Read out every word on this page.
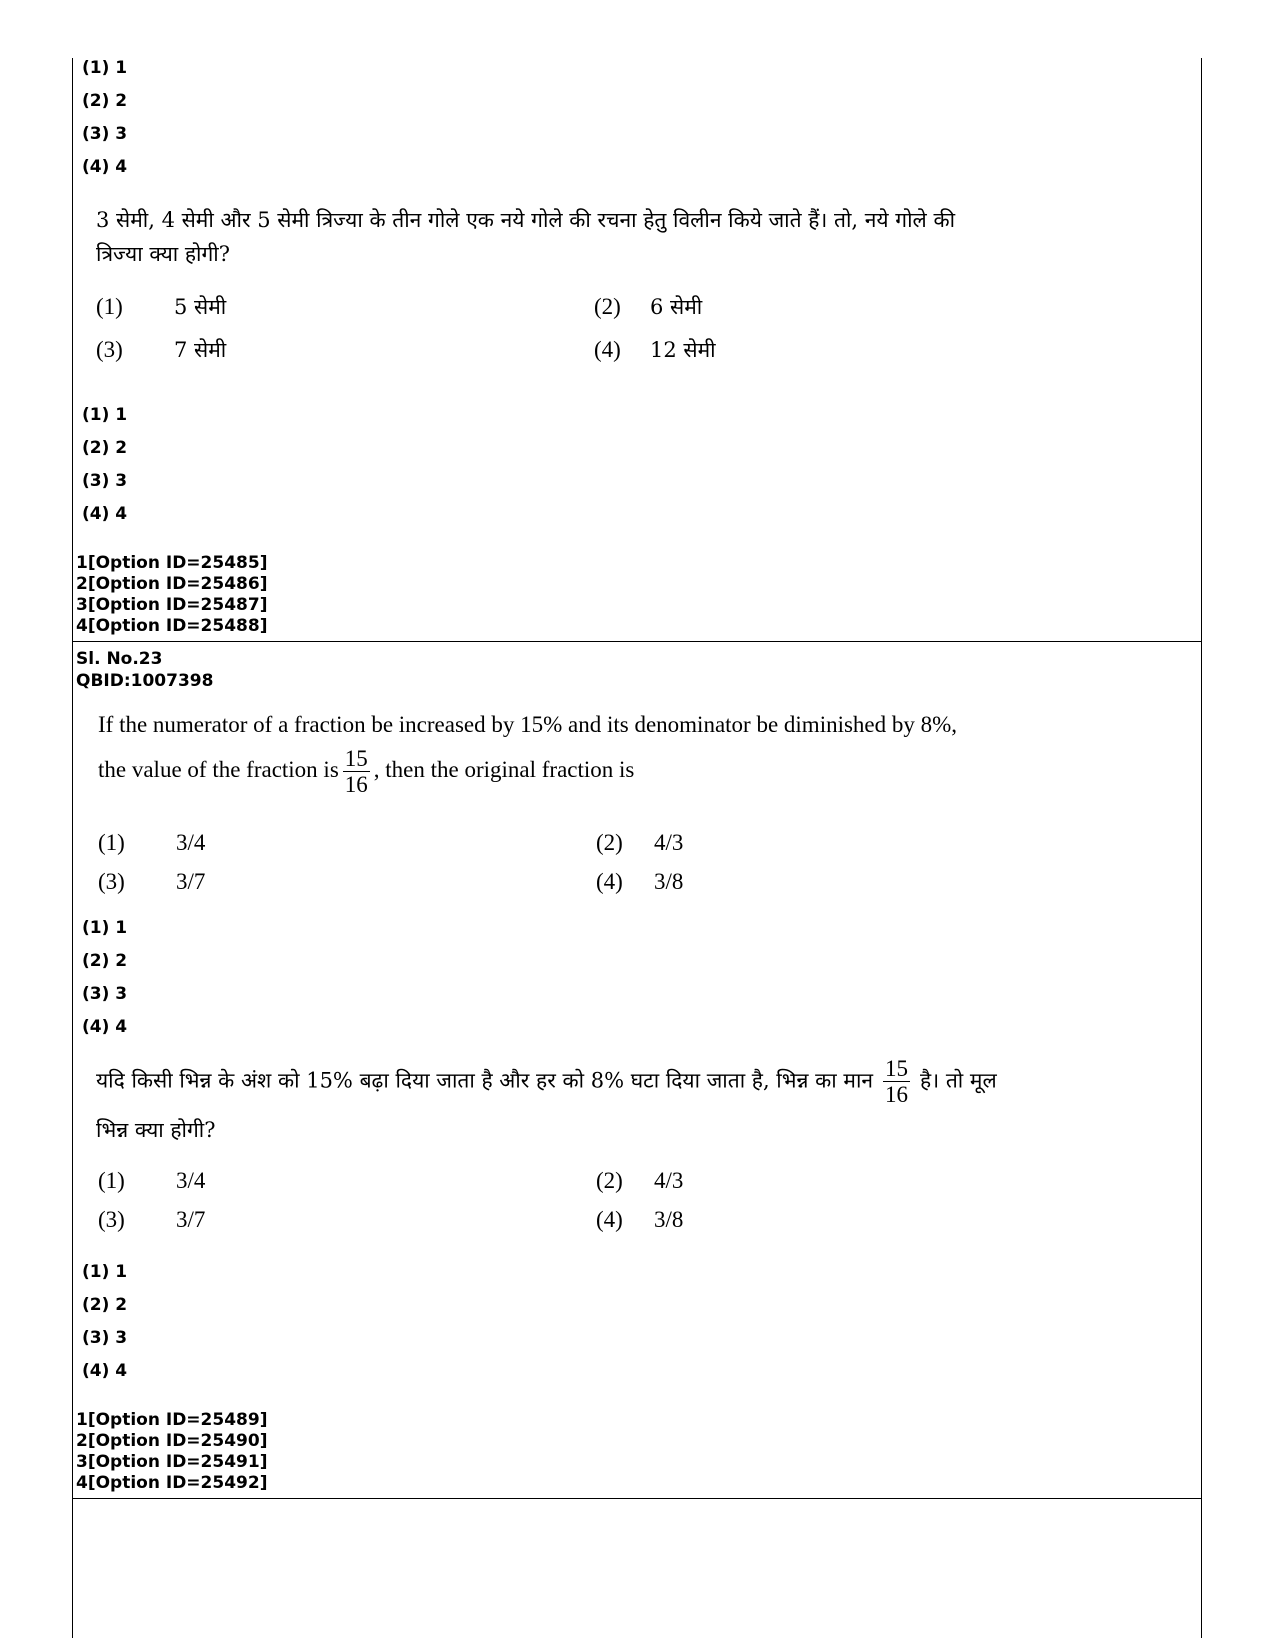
(1) 1
(2) 2
(3) 3
(4) 4
3 सेमी, 4 सेमी और 5 सेमी त्रिज्या के तीन गोले एक नये गोले की रचना हेतु विलीन किये जाते हैं। तो, नये गोले की
त्रिज्या क्या होगी?
(1) 5 सेमी	(2) 6 सेमी
(3) 7 सेमी	(4) 12 सेमी
(1) 1
(2) 2
(3) 3
(4) 4
1[Option ID=25485]
2[Option ID=25486]
3[Option ID=25487]
4[Option ID=25488]
Sl. No.23
QBID:1007398
If the numerator of a fraction be increased by 15% and its denominator be diminished by 8%,
the value of the fraction is $\frac{15}{16}$ , then the original fraction is
(1) 3/4	(2) 4/3
(3) 3/7	(4) 3/8
(1) 1
(2) 2
(3) 3
(4) 4
यदि किसी भिन्न के अंश को 15% बढ़ा दिया जाता है और हर को 8% घटा दिया जाता है, भिन्न का मान $\frac{15}{16}$ है। तो मूल
भिन्न क्या होगी?
(1) 3/4	(2) 4/3
(3) 3/7	(4) 3/8
(1) 1
(2) 2
(3) 3
(4) 4
1[Option ID=25489]
2[Option ID=25490]
3[Option ID=25491]
4[Option ID=25492]
